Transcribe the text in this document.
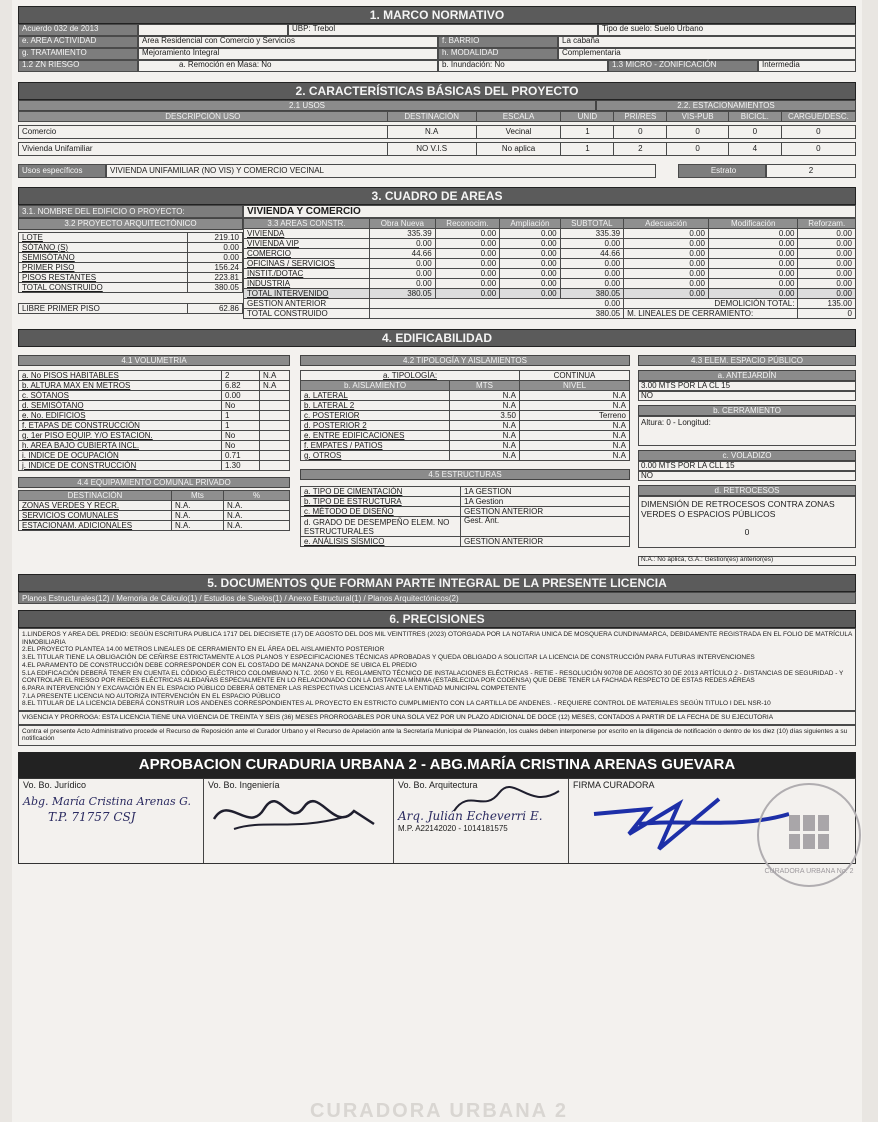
1. MARCO NORMATIVO
Acuerdo 032 de 2013	UBP: Trebol	Tipo de suelo: Suelo Urbano
e. AREA ACTIVIDAD	Area Residencial con Comercio y Servicios	f. BARRIO	La cabaña
g. TRATAMIENTO	Mejoramiento Integral	h. MODALIDAD	Complementaria
1.2 ZN RIESGO	a. Remoción en Masa: No	b. Inundación: No	1.3 MICRO - ZONIFICACIÓN	Intermedia
2. CARACTERÍSTICAS BÁSICAS DEL PROYECTO
2.1 USOS	2.2. ESTACIONAMIENTOS
DESCRIPCIÓN USO	DESTINACIÓN	ESCALA	UNID	PRI/RES	VIS-PUB	BICICL.	CARGUE/DESC.

Comercio	N.A	Vecinal	1	0	0	0	0

Vivienda Unifamiliar	NO V.I.S	No aplica	1	2	0	4	0
Usos específicos	VIVIENDA UNIFAMILIAR (NO VIS) Y COMERCIO VECINAL	Estrato	2
3. CUADRO DE AREAS
3.1. NOMBRE DEL EDIFICIO O PROYECTO:	VIVIENDA Y COMERCIO
3.2 PROYECTO ARQUITECTÓNICO
LOTE	219.10
SÓTANO (S)	0.00
SEMISÓTANO	0.00
PRIMER PISO	156.24
PISOS RESTANTES	223.81
TOTAL CONSTRUIDO	380.05
LIBRE PRIMER PISO	62.86
3.3 AREAS CONSTR.	Obra Nueva	Reconocim.	Ampliación	SUBTOTAL	Adecuación	Modificación	Reforzam.
VIVIENDA	335.39	0.00	0.00	335.39	0.00	0.00	0.00
VIVIENDA VIP	0.00	0.00	0.00	0.00	0.00	0.00	0.00
COMERCIO	44.66	0.00	0.00	44.66	0.00	0.00	0.00
OFICINAS / SERVICIOS	0.00	0.00	0.00	0.00	0.00	0.00	0.00
INSTIT./DOTAC	0.00	0.00	0.00	0.00	0.00	0.00	0.00
INDUSTRIA	0.00	0.00	0.00	0.00	0.00	0.00	0.00
TOTAL INTERVENIDO	380.05	0.00	0.00	380.05	0.00	0.00	0.00
GESTION ANTERIOR	0.00				DEMOLICIÓN TOTAL:		135.00
TOTAL CONSTRUIDO	380.05				M. LINEALES DE CERRAMIENTO:		0
4. EDIFICABILIDAD
4.1 VOLUMETRIA
a. No PISOS HABITABLES	2	N.A
b. ALTURA MAX EN METROS	6.82	N.A
c. SÓTANOS	0.00	
d. SEMISÓTANO	No	
e. No. EDIFICIOS	1	
f. ETAPAS DE CONSTRUCCIÓN	1	
g. 1er PISO EQUIP. Y/O ESTACION.	No	
h. AREA BAJO CUBIERTA INCL.	No	
i. INDICE DE OCUPACIÓN	0.71	
j. INDICE DE CONSTRUCCIÓN	1.30	
4.4 EQUIPAMIENTO COMUNAL PRIVADO
DESTINACIÓN	Mts	%
ZONAS VERDES Y RECR.	N.A.	N.A.
SERVICIOS COMUNALES	N.A.	N.A.
ESTACIONAM. ADICIONALES	N.A.	N.A.
4.2 TIPOLOGÍA Y AISLAMIENTOS
a. TIPOLOGÍA:		CONTINUA
b. AISLAMIENTO	MTS	NIVEL
a. LATERAL	N.A	N.A
b. LATERAL 2	N.A	N.A
c. POSTERIOR	3.50	Terreno
d. POSTERIOR 2	N.A	N.A
e. ENTRE EDIFICACIONES	N.A	N.A
f. EMPATES / PATIOS	N.A	N.A
g. OTROS	N.A	N.A
4.5 ESTRUCTURAS
a. TIPO DE CIMENTACIÓN	1A GESTION
b. TIPO DE ESTRUCTURA	1A Gestion
c. MÉTODO DE DISEÑO	GESTION ANTERIOR
d. GRADO DE DESEMPEÑO ELEM. NO ESTRUCTURALES	Gest. Ant.
e. ANÁLISIS SÍSMICO	GESTION ANTERIOR
4.3 ELEM. ESPACIO PÚBLICO
a. ANTEJARDÍN
3.00 MTS POR LA CL 15
NO
b. CERRAMIENTO
Altura: 0 - Longitud:
c. VOLADIZO
0.00 MTS POR LA CLL 15
NO
d. RETROCESOS
DIMENSIÓN DE RETROCESOS CONTRA ZONAS VERDES O ESPACIOS PÚBLICOS
0
N.A.: No aplica, G.A.: Gestion(es) anterior(es)
5. DOCUMENTOS QUE FORMAN PARTE INTEGRAL DE LA PRESENTE LICENCIA
Planos Estructurales(12) / Memoria de Cálculo(1) / Estudios de Suelos(1) / Anexo Estructural(1) / Planos Arquitectónicos(2)
6. PRECISIONES

1.LINDEROS Y AREA DEL PREDIO: SEGÚN ESCRITURA PUBLICA 1717 DEL DIECISIETE (17) DE AGOSTO DEL DOS MIL VEINTITRES (2023) OTORGADA POR LA NOTARIA UNICA DE MOSQUERA CUNDINAMARCA, DEBIDAMENTE REGISTRADA EN EL FOLIO DE MATRÍCULA INMOBILIARIA

2.EL PROYECTO PLANTEA 14.00 METROS LINEALES DE CERRAMIENTO EN EL ÁREA DEL AISLAMIENTO POSTERIOR

3.EL TITULAR TIENE LA OBLIGACIÓN DE CEÑIRSE ESTRICTAMENTE A LOS PLANOS Y ESPECIFICACIONES TÉCNICAS APROBADAS Y QUEDA OBLIGADO A SOLICITAR LA LICENCIA DE CONSTRUCCIÓN PARA FUTURAS INTERVENCIONES

4.EL PARAMENTO DE CONSTRUCCIÓN DEBE CORRESPONDER CON EL COSTADO DE MANZANA DONDE SE UBICA EL PREDIO

5.LA EDIFICACIÓN DEBERÁ TENER EN CUENTA EL CÓDIGO ELÉCTRICO COLOMBIANO N.T.C. 2050 Y EL REGLAMENTO TÉCNICO DE INSTALACIONES ELÉCTRICAS - RETIE - RESOLUCIÓN 90708 DE AGOSTO 30 DE 2013 ARTÍCULO 2 - DISTANCIAS DE SEGURIDAD - Y CONTROLAR EL RIESGO POR REDES ELÉCTRICAS ALEDAÑAS ESPECIALMENTE EN LO RELACIONADO CON LA DISTANCIA MÍNIMA (ESTABLECIDA POR CODENSA) QUE DEBE TENER LA FACHADA RESPECTO DE ESTAS REDES AÉREAS

6.PARA INTERVENCIÓN Y EXCAVACIÓN EN EL ESPACIO PÚBLICO DEBERÁ OBTENER LAS RESPECTIVAS LICENCIAS ANTE LA ENTIDAD MUNICIPAL COMPETENTE

7.LA PRESENTE LICENCIA NO AUTORIZA INTERVENCIÓN EN EL ESPACIO PÚBLICO

8.EL TITULAR DE LA LICENCIA DEBERÁ CONSTRUIR LOS ANDENES CORRESPONDIENTES AL PROYECTO EN ESTRICTO CUMPLIMIENTO CON LA CARTILLA DE ANDENES. - REQUIERE CONTROL DE MATERIALES SEGÚN TITULO I DEL NSR-10

VIGENCIA Y PRORROGA: ESTA LICENCIA TIENE UNA VIGENCIA DE TREINTA Y SEIS (36) MESES PRORROGABLES POR UNA SOLA VEZ POR UN PLAZO ADICIONAL DE DOCE (12) MESES, CONTADOS A PARTIR DE LA FECHA DE SU EJECUTORIA

Contra el presente Acto Administrativo procede el Recurso de Reposición ante el Curador Urbano y el Recurso de Apelación ante la Secretaría Municipal de Planeación, los cuales deben interponerse por escrito en la diligencia de notificación o dentro de los diez (10) días siguientes a su notificación
APROBACION CURADURIA URBANA 2 - ABG.MARÍA CRISTINA ARENAS GUEVARA
Vo. Bo. Jurídico
Abg. María Cristina Arenas G.
T.P. 71757 CSJ
Vo. Bo. Ingeniería	Vo. Bo. Arquitectura
Arq. Julián Echeverri E.
M.P. A22142020 - 1014181575
FIRMA CURADORA
CURADORA URBANA No. 2
CURADORA URBANA 2
